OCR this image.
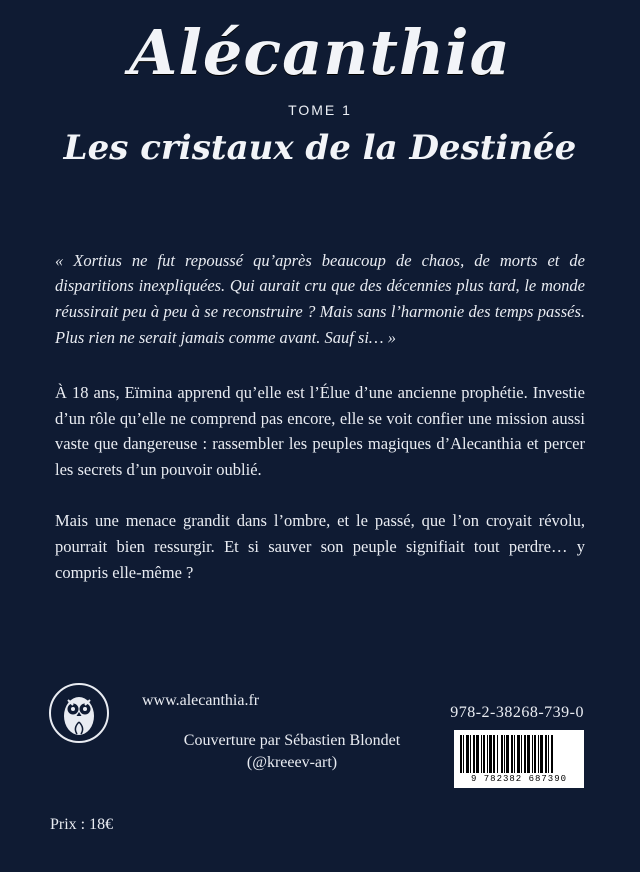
Alécanthia
TOME 1
Les cristaux de la Destinée

« Xortius ne fut repoussé qu’après beaucoup de chaos, de morts et de disparitions inexpliquées. Qui aurait cru que des décennies plus tard, le monde réussirait peu à peu à se reconstruire ? Mais sans l’harmonie des temps passés. Plus rien ne serait jamais comme avant. Sauf si… »

À 18 ans, Eïmina apprend qu’elle est l’Élue d’une ancienne prophétie. Investie d’un rôle qu’elle ne comprend pas encore, elle se voit confier une mission aussi vaste que dangereuse : rassembler les peuples magiques d’Alecanthia et percer les secrets d’un pouvoir oublié.

Mais une menace grandit dans l’ombre, et le passé, que l’on croyait révolu, pourrait bien ressurgir. Et si sauver son peuple signifiait tout perdre… y compris elle-même ?

www.alecanthia.fr
Couverture par Sébastien Blondet
(@kreeev-art)
978-2-38268-739-0
9 782382 687390
Prix : 18€
